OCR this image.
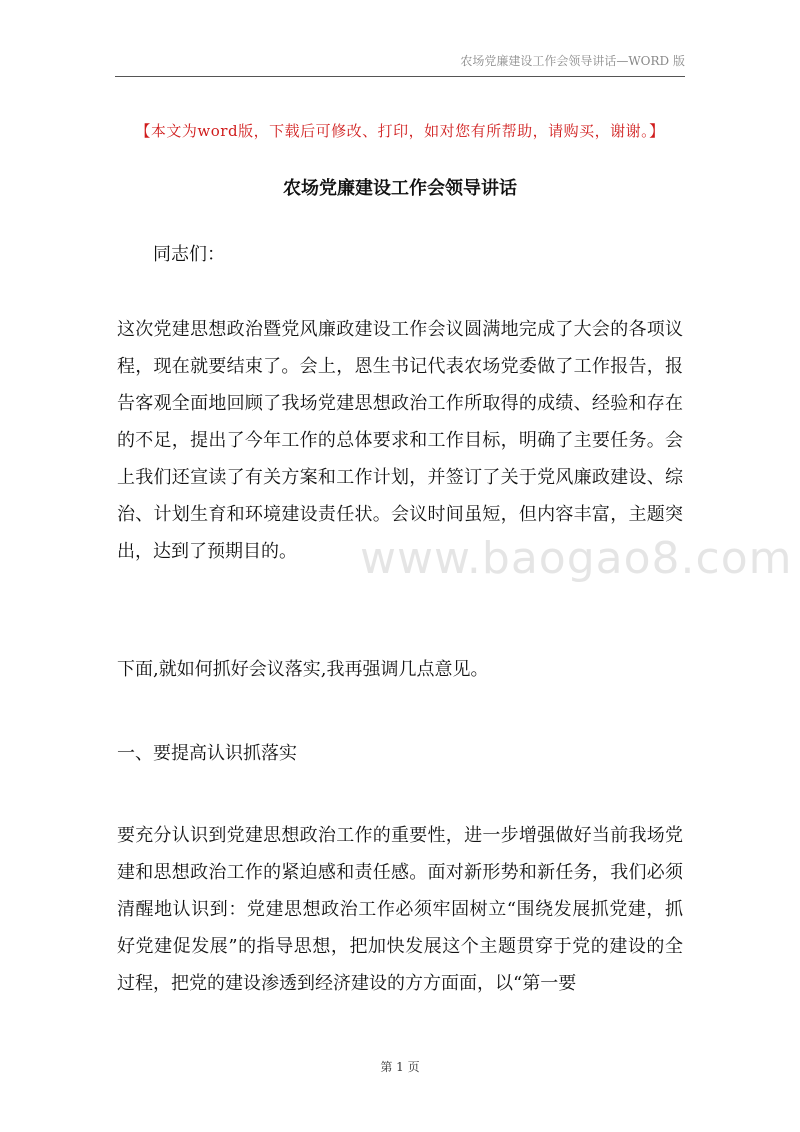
农场党廉建设工作会领导讲话—WORD 版
【本文为word版，下载后可修改、打印，如对您有所帮助，请购买，谢谢。】
农场党廉建设工作会领导讲话
同志们：
这次党建思想政治暨党风廉政建设工作会议圆满地完成了大会的各项议程，现在就要结束了。会上，恩生书记代表农场党委做了工作报告，报告客观全面地回顾了我场党建思想政治工作所取得的成绩、经验和存在的不足，提出了今年工作的总体要求和工作目标，明确了主要任务。会上我们还宣读了有关方案和工作计划，并签订了关于党风廉政建设、综治、计划生育和环境建设责任状。会议时间虽短，但内容丰富，主题突出，达到了预期目的。	www.baogao8.com
下面,就如何抓好会议落实,我再强调几点意见。
一、要提高认识抓落实
要充分认识到党建思想政治工作的重要性，进一步增强做好当前我场党建和思想政治工作的紧迫感和责任感。面对新形势和新任务，我们必须清醒地认识到：党建思想政治工作必须牢固树立“围绕发展抓党建，抓好党建促发展”的指导思想，把加快发展这个主题贯穿于党的建设的全过程，把党的建设渗透到经济建设的方方面面，以“第一要
第 1 页
